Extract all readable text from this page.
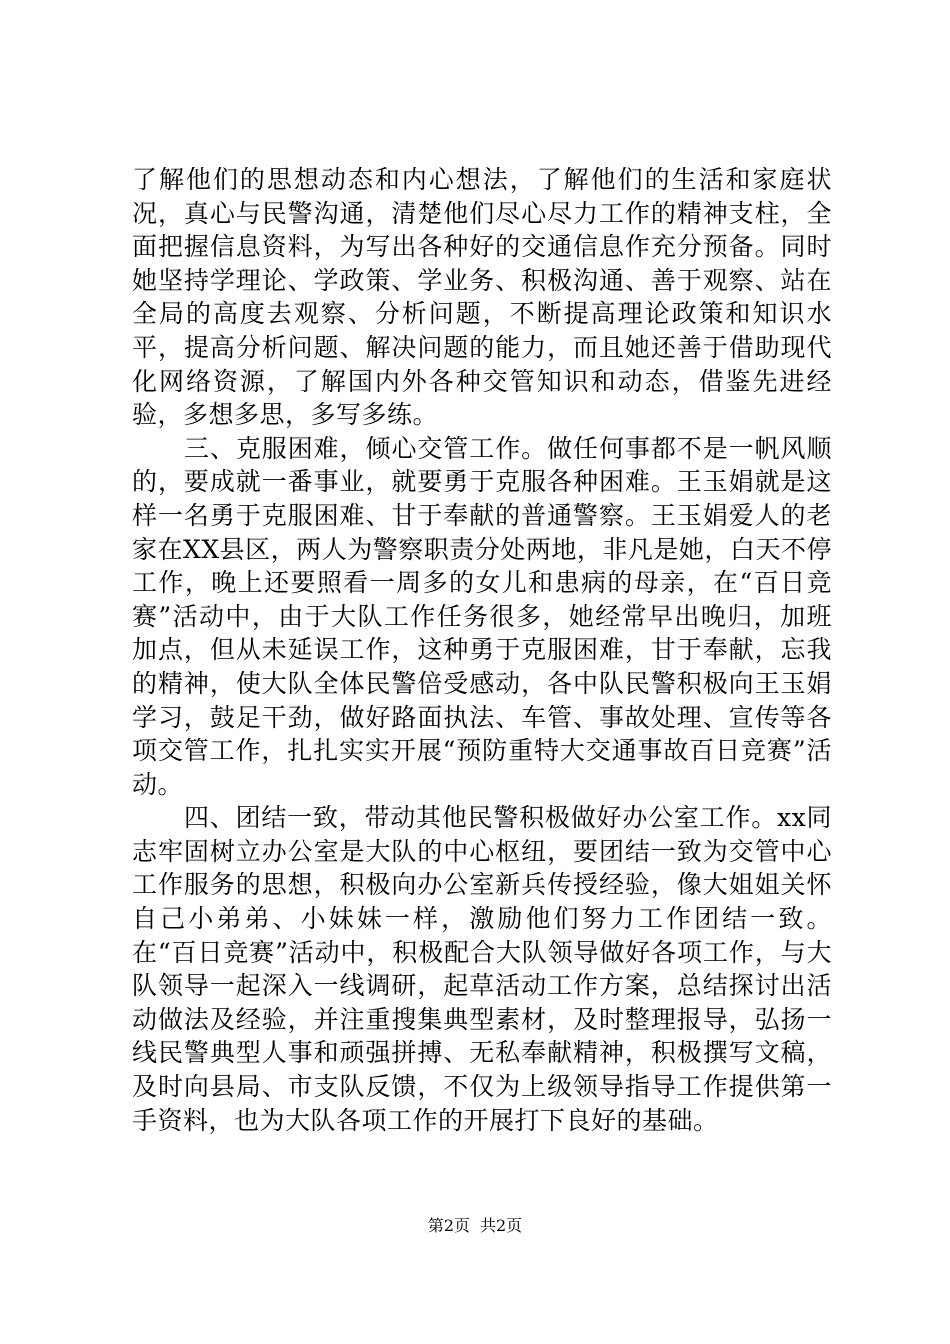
了解他们的思想动态和内心想法，了解他们的生活和家庭状况，真心与民警沟通，清楚他们尽心尽力工作的精神支柱，全面把握信息资料，为写出各种好的交通信息作充分预备。同时她坚持学理论、学政策、学业务、积极沟通、善于观察、站在全局的高度去观察、分析问题，不断提高理论政策和知识水平，提高分析问题、解决问题的能力，而且她还善于借助现代化网络资源，了解国内外各种交管知识和动态，借鉴先进经验，多想多思，多写多练。

三、克服困难，倾心交管工作。做任何事都不是一帆风顺的，要成就一番事业，就要勇于克服各种困难。王玉娟就是这样一名勇于克服困难、甘于奉献的普通警察。王玉娟爱人的老家在XX县区，两人为警察职责分处两地，非凡是她，白天不停工作，晚上还要照看一周多的女儿和患病的母亲，在“百日竞赛”活动中，由于大队工作任务很多，她经常早出晚归，加班加点，但从未延误工作，这种勇于克服困难，甘于奉献，忘我的精神，使大队全体民警倍受感动，各中队民警积极向王玉娟学习，鼓足干劲，做好路面执法、车管、事故处理、宣传等各项交管工作，扎扎实实开展“预防重特大交通事故百日竞赛”活动。

四、团结一致，带动其他民警积极做好办公室工作。xx同志牢固树立办公室是大队的中心枢纽，要团结一致为交管中心工作服务的思想，积极向办公室新兵传授经验，像大姐姐关怀自己小弟弟、小妹妹一样，激励他们努力工作团结一致。在“百日竞赛”活动中，积极配合大队领导做好各项工作，与大队领导一起深入一线调研，起草活动工作方案，总结探讨出活动做法及经验，并注重搜集典型素材，及时整理报导，弘扬一线民警典型人事和顽强拼搏、无私奉献精神，积极撰写文稿，及时向县局、市支队反馈，不仅为上级领导指导工作提供第一手资料，也为大队各项工作的开展打下良好的基础。

第2页 共2页
